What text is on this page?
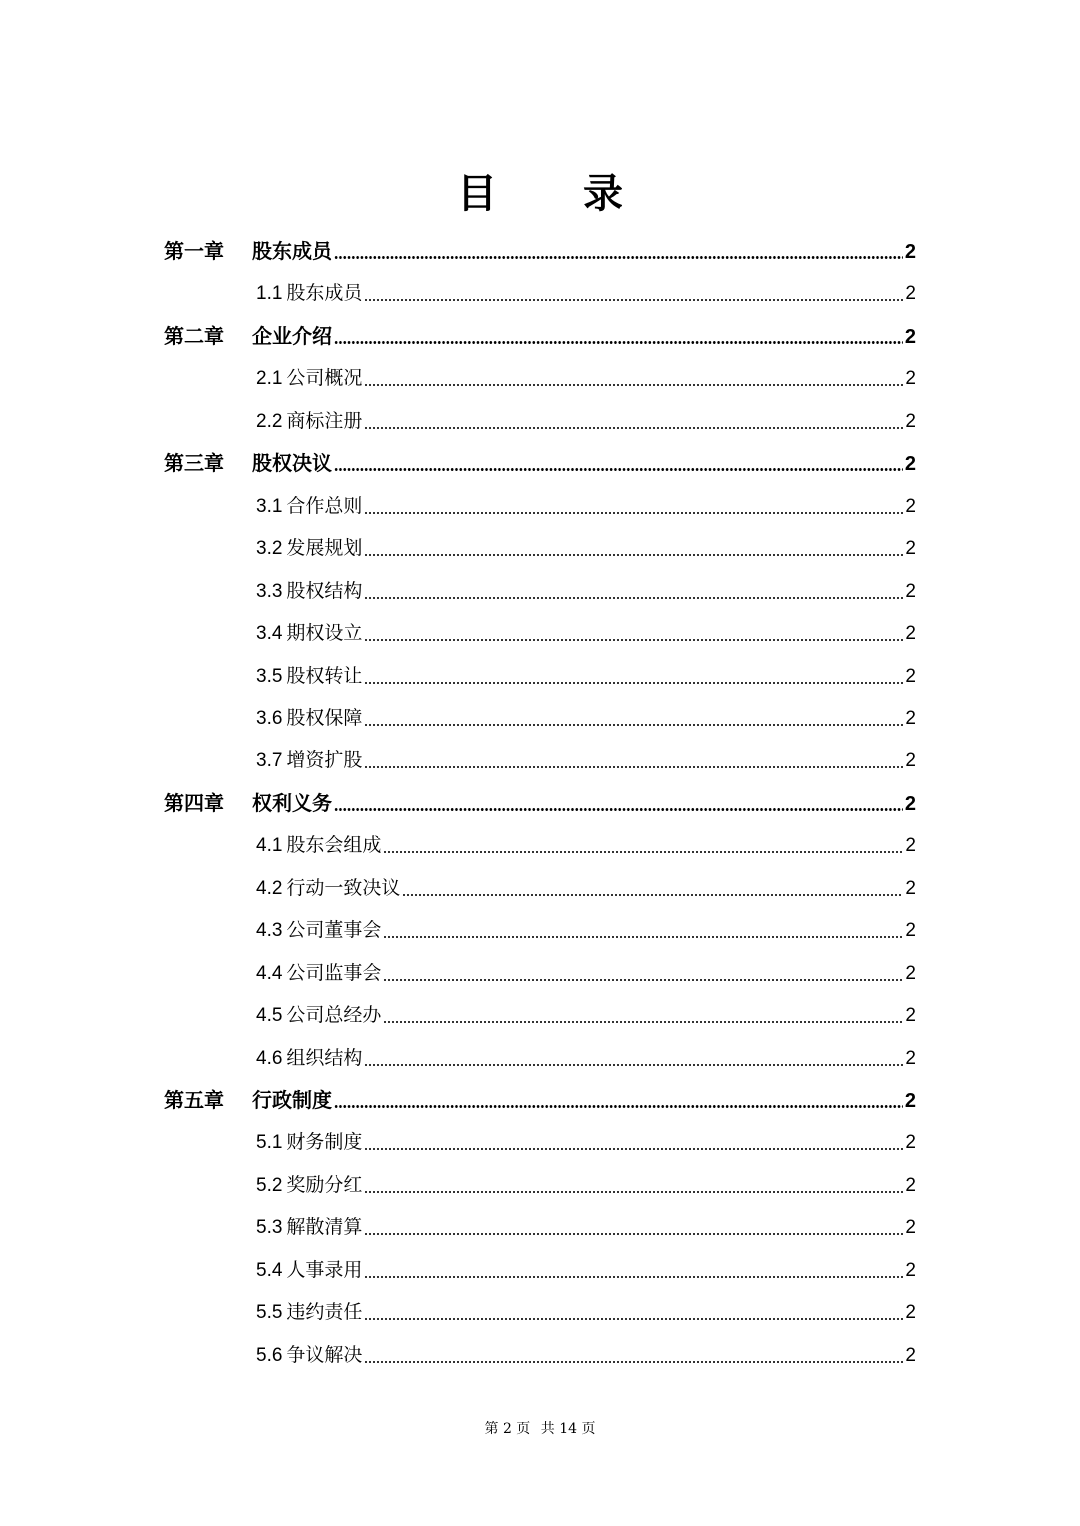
目 录
第一章	股东成员	2
1.1 股东成员	2
第二章	企业介绍	2
2.1 公司概况	2
2.2 商标注册	2
第三章	股权决议	2
3.1 合作总则	2
3.2 发展规划	2
3.3 股权结构	2
3.4 期权设立	2
3.5 股权转让	2
3.6 股权保障	2
3.7 增资扩股	2
第四章	权利义务	2
4.1 股东会组成	2
4.2 行动一致决议	2
4.3 公司董事会	2
4.4 公司监事会	2
4.5 公司总经办	2
4.6 组织结构	2
第五章	行政制度	2
5.1 财务制度	2
5.2 奖励分红	2
5.3 解散清算	2
5.4 人事录用	2
5.5 违约责任	2
5.6 争议解决	2
第 2 页 共 14 页
